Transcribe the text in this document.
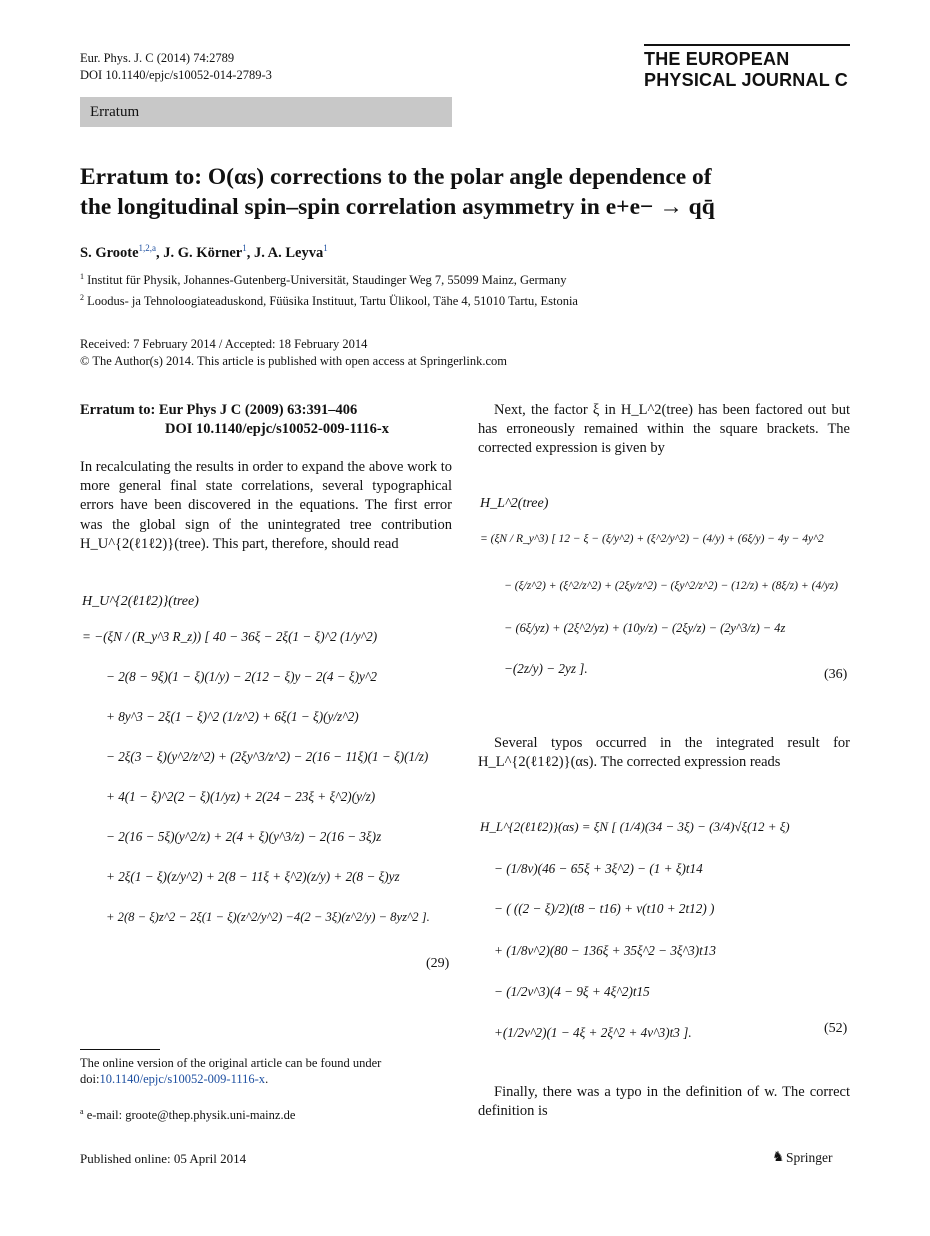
Eur. Phys. J. C (2014) 74:2789
DOI 10.1140/epjc/s10052-014-2789-3
THE EUROPEAN
PHYSICAL JOURNAL C
Erratum
Erratum to: O(αs) corrections to the polar angle dependence of
the longitudinal spin–spin correlation asymmetry in e+e− → qq̄
S. Groote$^{1,2,a}$, J. G. Körner$^1$, J. A. Leyva$^1$
$^1$ Institut für Physik, Johannes-Gutenberg-Universität, Staudinger Weg 7, 55099 Mainz, Germany
$^2$ Loodus- ja Tehnoloogiateaduskond, Füüsika Instituut, Tartu Ülikool, Tähe 4, 51010 Tartu, Estonia
Received: 7 February 2014 / Accepted: 18 February 2014
© The Author(s) 2014. This article is published with open access at Springerlink.com
Erratum to: Eur Phys J C (2009) 63:391–406
DOI 10.1140/epjc/s10052-009-1116-x
In recalculating the results in order to expand the above work to more general final state correlations, several typographical errors have been discovered in the equations. The first error was the global sign of the unintegrated tree contribution H_U^{2(ℓ1ℓ2)}(tree). This part, therefore, should read
H_U^{2(ℓ1ℓ2)}(tree)
= −(ξN / (R_y^3 R_z)) [ 40 − 36ξ − 2ξ(1 − ξ)^2 (1/y^2)
− 2(8 − 9ξ)(1 − ξ)(1/y) − 2(12 − ξ)y − 2(4 − ξ)y^2
+ 8y^3 − 2ξ(1 − ξ)^2 (1/z^2) + 6ξ(1 − ξ)(y/z^2)
− 2ξ(3 − ξ)(y^2/z^2) + (2ξy^3/z^2) − 2(16 − 11ξ)(1 − ξ)(1/z)
+ 4(1 − ξ)^2(2 − ξ)(1/yz) + 2(24 − 23ξ + ξ^2)(y/z)
− 2(16 − 5ξ)(y^2/z) + 2(4 + ξ)(y^3/z) − 2(16 − 3ξ)z
+ 2ξ(1 − ξ)(z/y^2) + 2(8 − 11ξ + ξ^2)(z/y) + 2(8 − ξ)yz
+ 2(8 − ξ)z^2 − 2ξ(1 − ξ)(z^2/y^2) −4(2 − 3ξ)(z^2/y) − 8yz^2 ].
(29)
The online version of the original article can be found under
doi:10.1140/epjc/s10052-009-1116-x.
$^a$ e-mail: groote@thep.physik.uni-mainz.de
Next, the factor ξ in H_L^2(tree) has been factored out but has erroneously remained within the square brackets. The corrected expression is given by
H_L^2(tree)
= (ξN / R_y^3) [ 12 − ξ − (ξ/y^2) + (ξ^2/y^2) − (4/y) + (6ξ/y) − 4y − 4y^2
− (ξ/z^2) + (ξ^2/z^2) + (2ξy/z^2) − (ξy^2/z^2) − (12/z) + (8ξ/z) + (4/yz)
− (6ξ/yz) + (2ξ^2/yz) + (10y/z) − (2ξy/z) − (2y^3/z) − 4z
−(2z/y) − 2yz ].	(36)
Several typos occurred in the integrated result for H_L^{2(ℓ1ℓ2)}(αs). The corrected expression reads
H_L^{2(ℓ1ℓ2)}(αs) = ξN [ (1/4)(34 − 3ξ) − (3/4)√ξ(12 + ξ)
− (1/8v)(46 − 65ξ + 3ξ^2) − (1 + ξ)t14
− ( ((2 − ξ)/2)(t8 − t16) + v(t10 + 2t12) )
+ (1/8v^2)(80 − 136ξ + 35ξ^2 − 3ξ^3)t13
− (1/2v^3)(4 − 9ξ + 4ξ^2)t15
+(1/2v^2)(1 − 4ξ + 2ξ^2 + 4v^3)t3 ].	(52)
Finally, there was a typo in the definition of w. The correct definition is
Published online: 05 April 2014	♞ Springer
